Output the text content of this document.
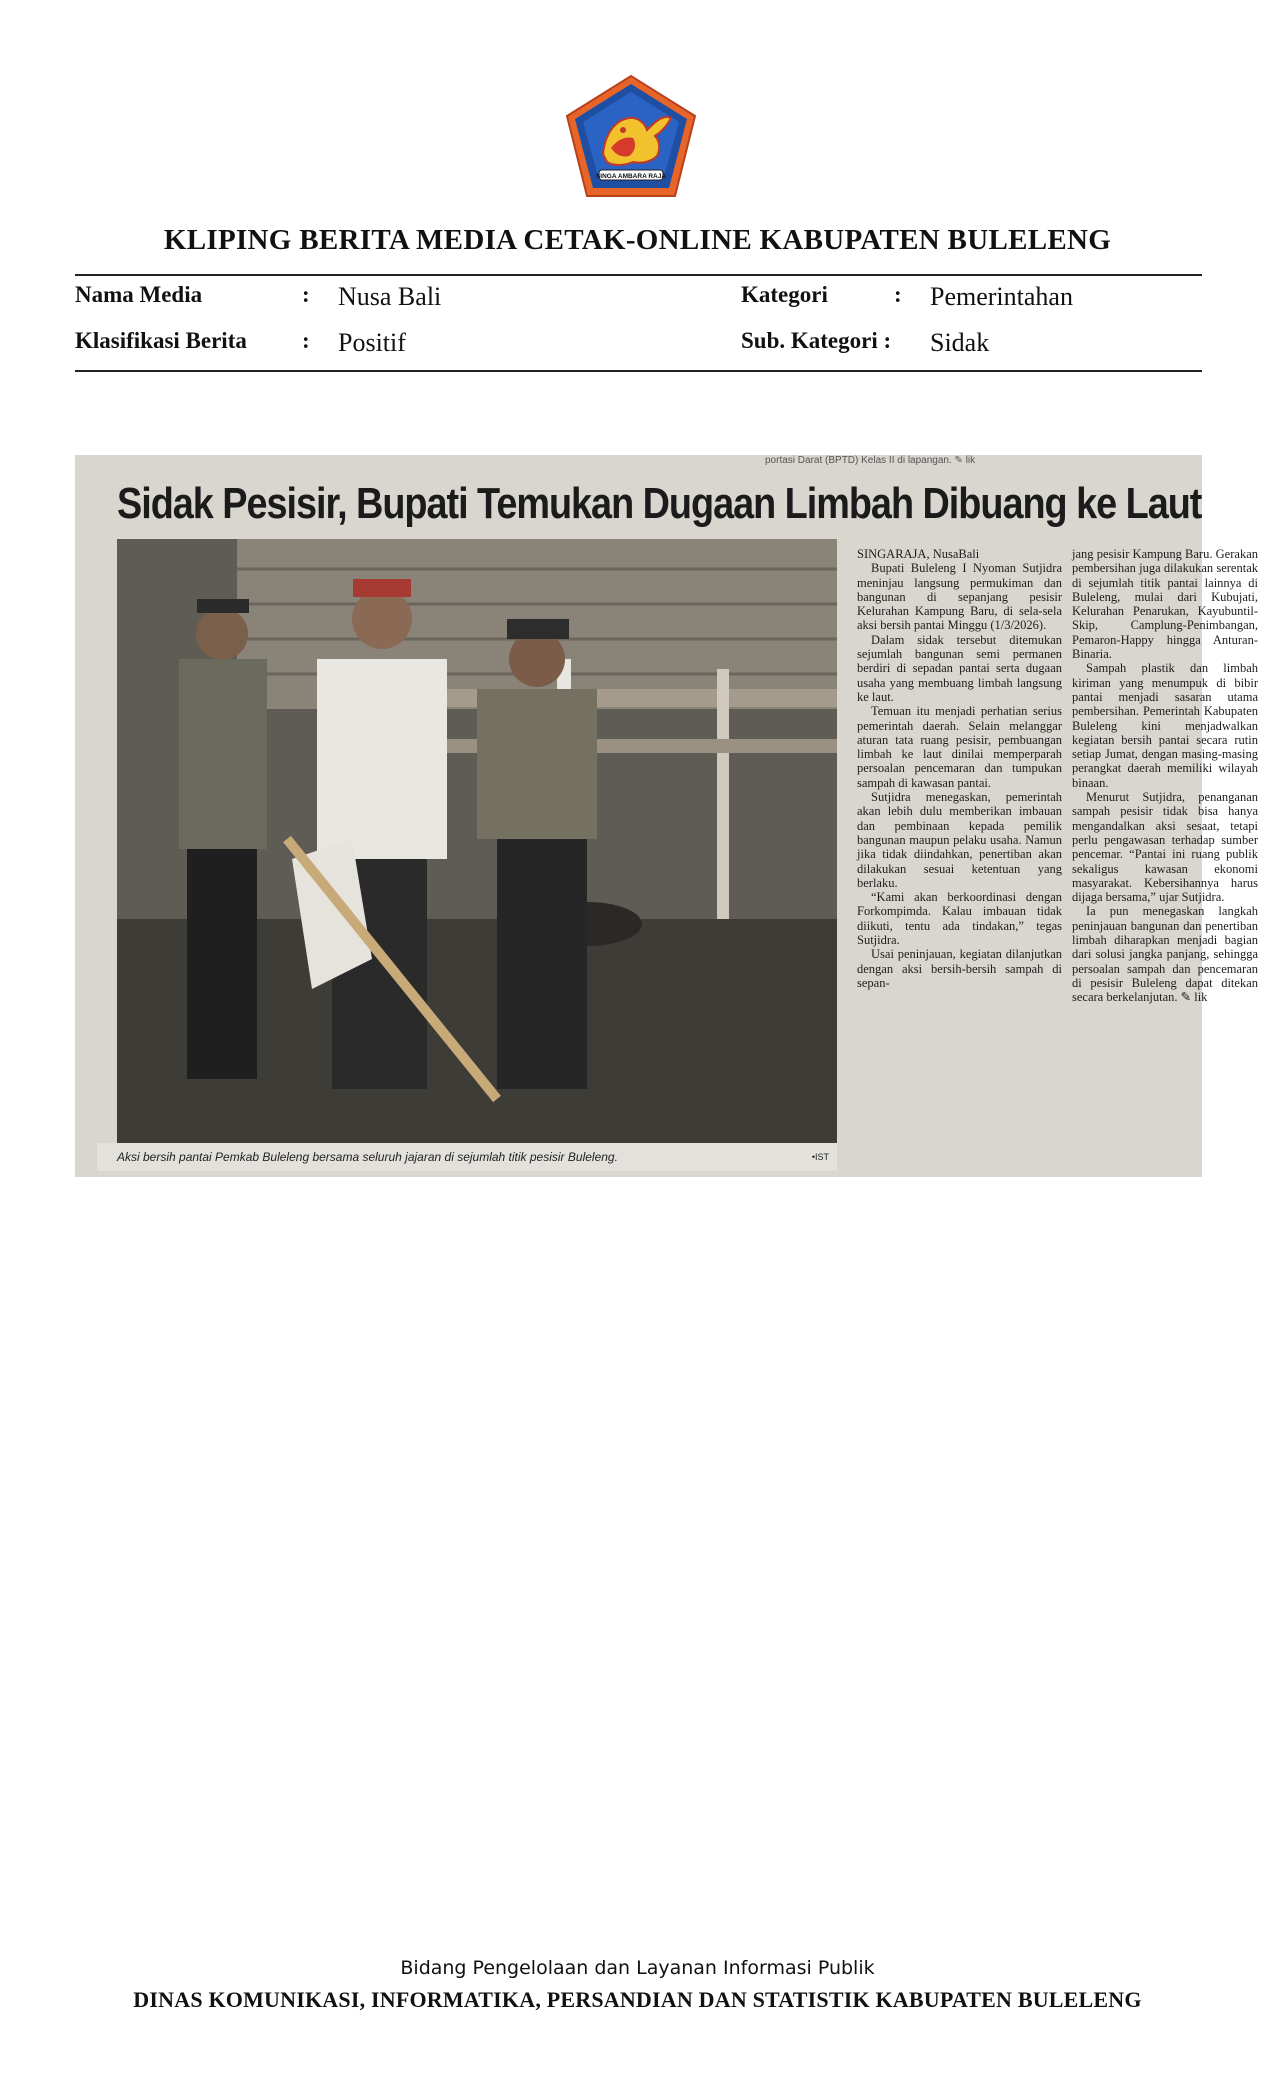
SINGA AMBARA RAJA
KLIPING BERITA MEDIA CETAK-ONLINE KABUPATEN BULELENG
Nama Media	: Nusa Bali	Kategori	: Pemerintahan
Klasifikasi Berita : Positif	Sub. Kategori : Sidak
portasi Darat (BPTD) Kelas II di lapangan. ✎ lik
Sidak Pesisir, Bupati Temukan Dugaan Limbah Dibuang ke Laut
Aksi bersih pantai Pemkab Buleleng bersama seluruh jajaran di sejumlah titik pesisir Buleleng.	•IST

SINGARAJA, NusaBali

Bupati Buleleng I Nyoman Sutjidra meninjau langsung permukiman dan bangunan di sepanjang pesisir Kelurahan Kampung Baru, di sela-sela aksi bersih pantai Minggu (1/3/2026).

Dalam sidak tersebut ditemukan sejumlah bangunan semi permanen berdiri di sepadan pantai serta dugaan usaha yang membuang limbah langsung ke laut.

Temuan itu menjadi perhatian serius pemerintah daerah. Selain melanggar aturan tata ruang pesisir, pembuangan limbah ke laut dinilai memperparah persoalan pencemaran dan tumpukan sampah di kawasan pantai.

Sutjidra menegaskan, pemerintah akan lebih dulu memberikan imbauan dan pembinaan kepada pemilik bangunan maupun pelaku usaha. Namun jika tidak diindahkan, penertiban akan dilakukan sesuai ketentuan yang berlaku.

“Kami akan berkoordinasi dengan Forkompimda. Kalau imbauan tidak diikuti, tentu ada tindakan,” tegas Sutjidra.

Usai peninjauan, kegiatan dilanjutkan dengan aksi bersih-bersih sampah di sepan-

jang pesisir Kampung Baru. Gerakan pembersihan juga dilakukan serentak di sejumlah titik pantai lainnya di Buleleng, mulai dari Kubujati, Kelurahan Penarukan, Kayubuntil-Skip, Camplung-Penimbangan, Pemaron-Happy hingga Anturan-Binaria.

Sampah plastik dan limbah kiriman yang menumpuk di bibir pantai menjadi sasaran utama pembersihan. Pemerintah Kabupaten Buleleng kini menjadwalkan kegiatan bersih pantai secara rutin setiap Jumat, dengan masing-masing perangkat daerah memiliki wilayah binaan.

Menurut Sutjidra, penanganan sampah pesisir tidak bisa hanya mengandalkan aksi sesaat, tetapi perlu pengawasan terhadap sumber pencemar. “Pantai ini ruang publik sekaligus kawasan ekonomi masyarakat. Kebersihannya harus dijaga bersama,” ujar Sutjidra.

Ia pun menegaskan langkah peninjauan bangunan dan penertiban limbah diharapkan menjadi bagian dari solusi jangka panjang, sehingga persoalan sampah dan pencemaran di pesisir Buleleng dapat ditekan secara berkelanjutan. ✎ lik

Bidang Pengelolaan dan Layanan Informasi Publik
DINAS KOMUNIKASI, INFORMATIKA, PERSANDIAN DAN STATISTIK KABUPATEN BULELENG
